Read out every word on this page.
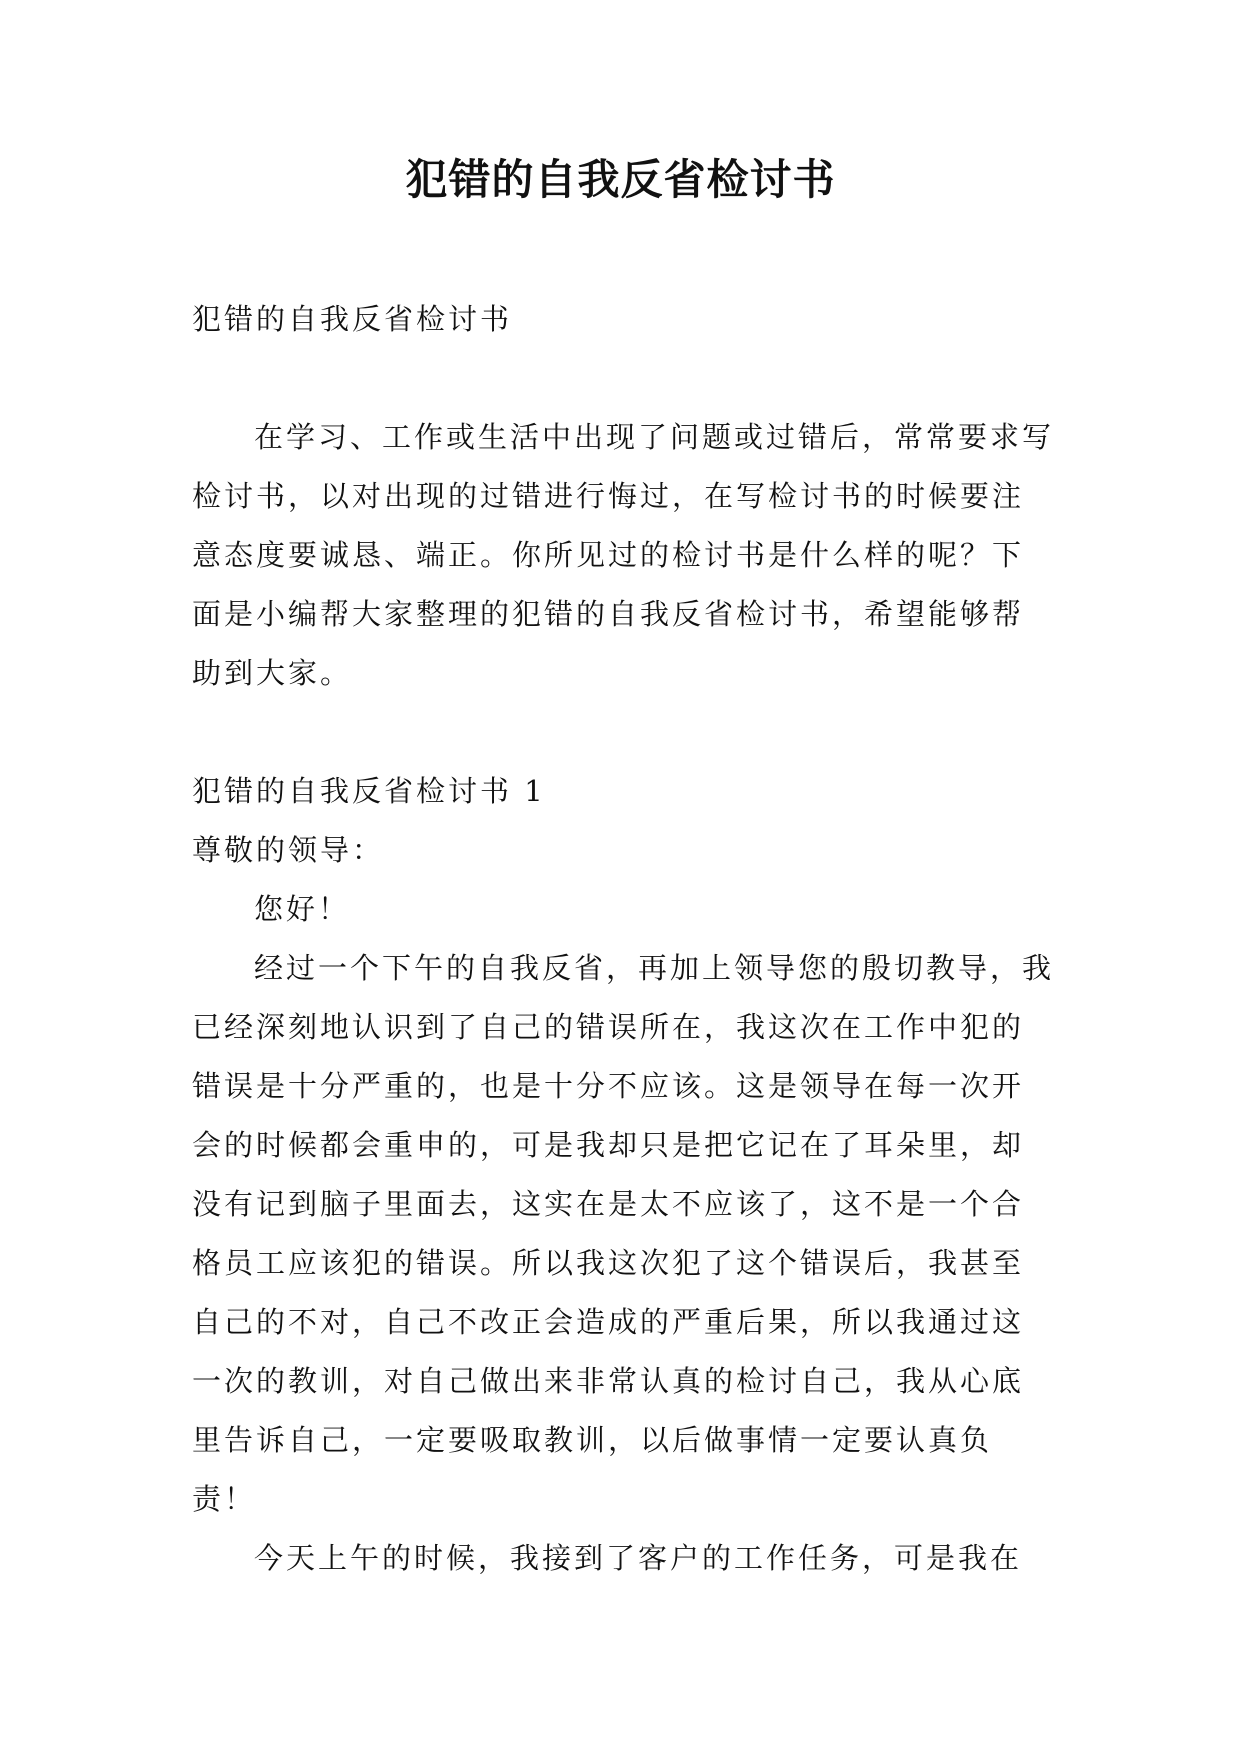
犯错的自我反省检讨书

犯错的自我反省检讨书

在学习、工作或生活中出现了问题或过错后，常常要求写检讨书，以对出现的过错进行悔过，在写检讨书的时候要注意态度要诚恳、端正。你所见过的检讨书是什么样的呢？下面是小编帮大家整理的犯错的自我反省检讨书，希望能够帮助到大家。

犯错的自我反省检讨书 1

尊敬的领导：

您好！

经过一个下午的自我反省，再加上领导您的殷切教导，我已经深刻地认识到了自己的错误所在，我这次在工作中犯的错误是十分严重的，也是十分不应该。这是领导在每一次开会的时候都会重申的，可是我却只是把它记在了耳朵里，却没有记到脑子里面去，这实在是太不应该了，这不是一个合格员工应该犯的错误。所以我这次犯了这个错误后，我甚至自己的不对，自己不改正会造成的严重后果，所以我通过这一次的教训，对自己做出来非常认真的检讨自己，我从心底里告诉自己，一定要吸取教训，以后做事情一定要认真负责！

今天上午的时候，我接到了客户的工作任务，可是我在
